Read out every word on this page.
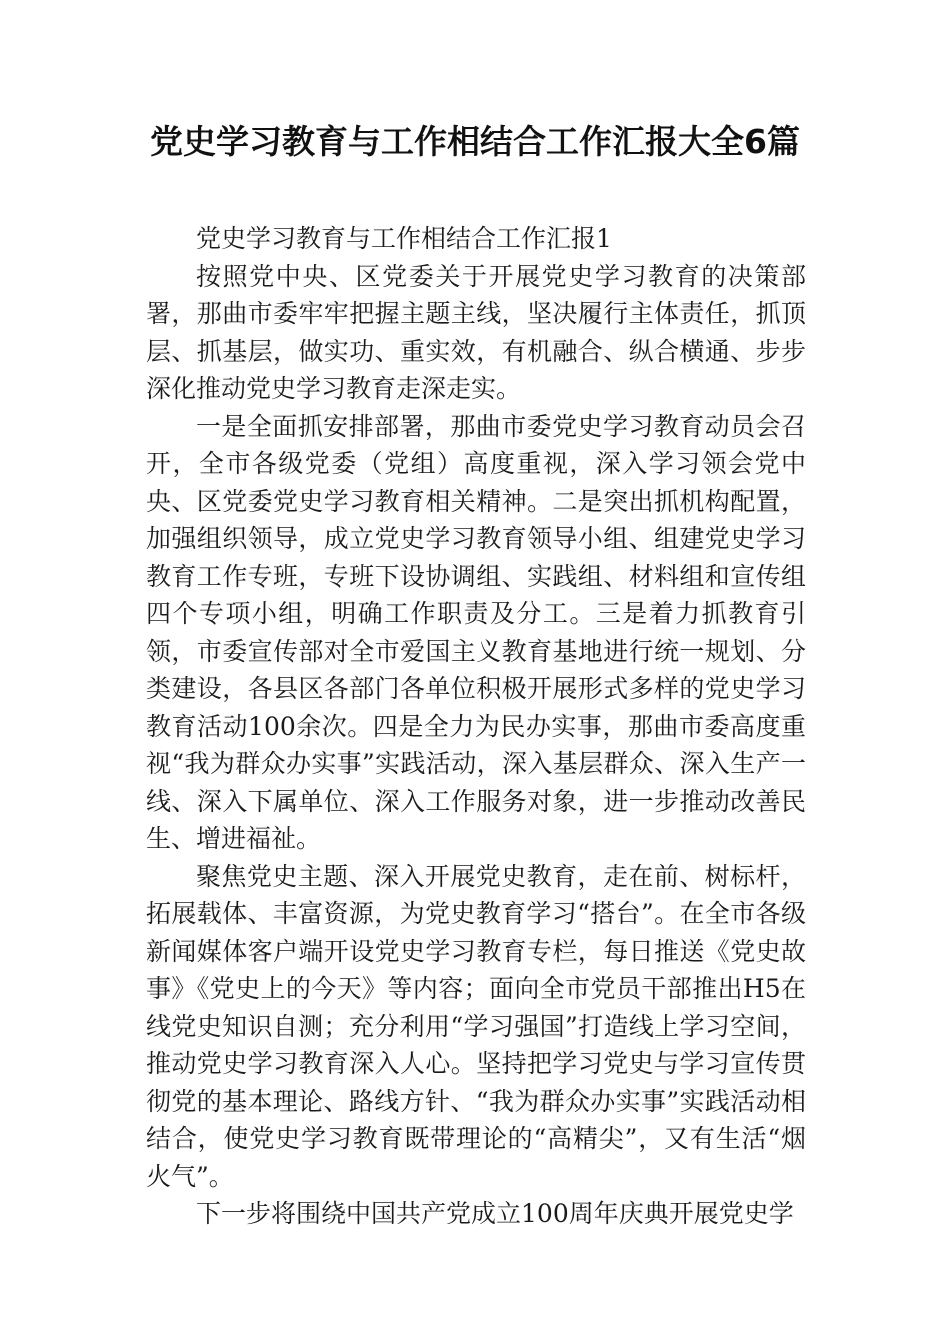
党史学习教育与工作相结合工作汇报大全6篇

党史学习教育与工作相结合工作汇报1

按照党中央、区党委关于开展党史学习教育的决策部署，那曲市委牢牢把握主题主线，坚决履行主体责任，抓顶层、抓基层，做实功、重实效，有机融合、纵合横通、步步深化推动党史学习教育走深走实。

一是全面抓安排部署，那曲市委党史学习教育动员会召开，全市各级党委（党组）高度重视，深入学习领会党中央、区党委党史学习教育相关精神。二是突出抓机构配置，加强组织领导，成立党史学习教育领导小组、组建党史学习教育工作专班，专班下设协调组、实践组、材料组和宣传组四个专项小组，明确工作职责及分工。三是着力抓教育引领，市委宣传部对全市爱国主义教育基地进行统一规划、分类建设，各县区各部门各单位积极开展形式多样的党史学习教育活动100余次。四是全力为民办实事，那曲市委高度重视“我为群众办实事”实践活动，深入基层群众、深入生产一线、深入下属单位、深入工作服务对象，进一步推动改善民生、增进福祉。

聚焦党史主题、深入开展党史教育，走在前、树标杆，拓展载体、丰富资源，为党史教育学习“搭台”。在全市各级新闻媒体客户端开设党史学习教育专栏，每日推送《党史故事》《党史上的今天》等内容；面向全市党员干部推出H5在线党史知识自测；充分利用“学习强国”打造线上学习空间，推动党史学习教育深入人心。坚持把学习党史与学习宣传贯彻党的基本理论、路线方针、“我为群众办实事”实践活动相结合，使党史学习教育既带理论的“高精尖”，又有生活“烟火气”。

下一步将围绕中国共产党成立100周年庆典开展党史学
